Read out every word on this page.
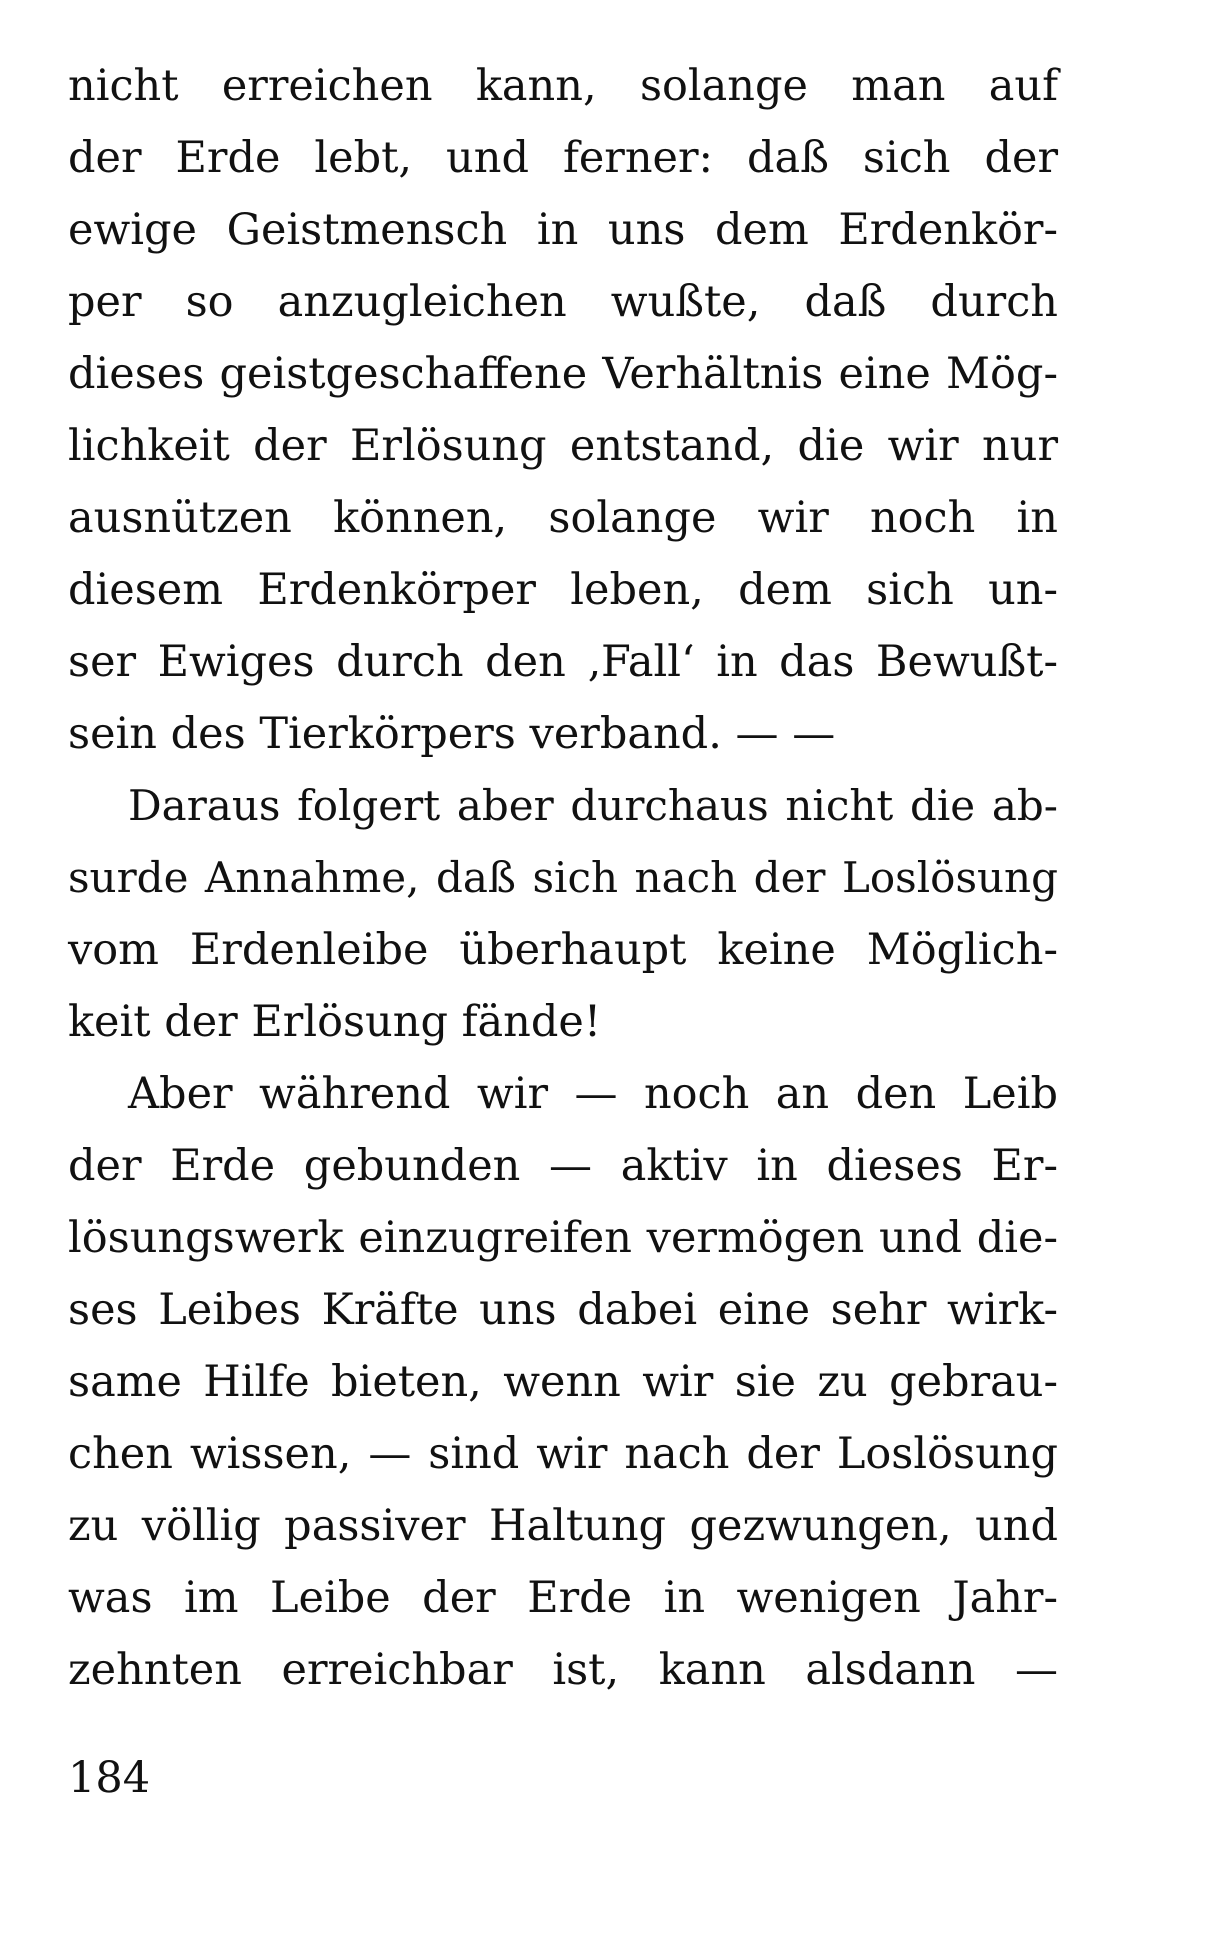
nicht erreichen kann, solange man auf
der Erde lebt, und ferner: daß sich der
ewige Geistmensch in uns dem Erdenkör-
per so anzugleichen wußte, daß durch
dieses geistgeschaffene Verhältnis eine Mög-
lichkeit der Erlösung entstand, die wir nur
ausnützen können, solange wir noch in
diesem Erdenkörper leben, dem sich un-
ser Ewiges durch den ‚Fall‘ in das Bewußt-
sein des Tierkörpers verband. — —
Daraus folgert aber durchaus nicht die ab-
surde Annahme, daß sich nach der Loslösung
vom Erdenleibe überhaupt keine Möglich-
keit der Erlösung fände!
Aber während wir — noch an den Leib
der Erde gebunden — aktiv in dieses Er-
lösungswerk einzugreifen vermögen und die-
ses Leibes Kräfte uns dabei eine sehr wirk-
same Hilfe bieten, wenn wir sie zu gebrau-
chen wissen, — sind wir nach der Loslösung
zu völlig passiver Haltung gezwungen, und
was im Leibe der Erde in wenigen Jahr-
zehnten erreichbar ist, kann alsdann —
184
